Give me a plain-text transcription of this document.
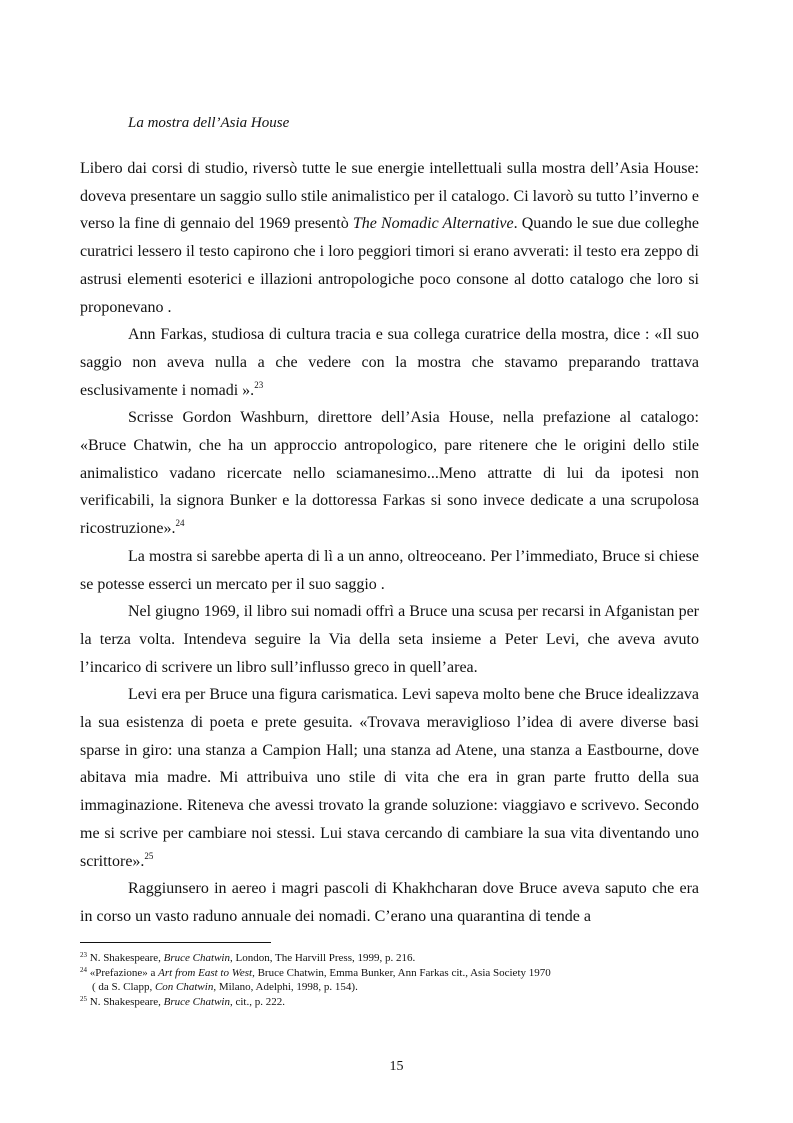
La mostra dell’Asia House

Libero dai corsi di studio, riversò tutte le sue energie intellettuali sulla mostra dell’Asia House: doveva presentare un saggio sullo stile animalistico per il catalogo. Ci lavorò su tutto l’inverno e verso la fine di gennaio del 1969 presentò The Nomadic Alternative. Quando le sue due colleghe curatrici lessero il testo capirono che i loro peggiori timori si erano avverati: il testo era zeppo di astrusi elementi esoterici e illazioni antropologiche poco consone al dotto catalogo che loro si proponevano .

Ann Farkas, studiosa di cultura tracia e sua collega curatrice della mostra, dice : «Il suo saggio non aveva nulla a che vedere con la mostra che stavamo preparando trattava esclusivamente i nomadi ».$^{23}$

Scrisse Gordon Washburn, direttore dell’Asia House, nella prefazione al catalogo: «Bruce Chatwin, che ha un approccio antropologico, pare ritenere che le origini dello stile animalistico vadano ricercate nello sciamanesimo...Meno attratte di lui da ipotesi non verificabili, la signora Bunker e la dottoressa Farkas si sono invece dedicate a una scrupolosa ricostruzione».$^{24}$

La mostra si sarebbe aperta di lì a un anno, oltreoceano. Per l’immediato, Bruce si chiese se potesse esserci un mercato per il suo saggio .

Nel giugno 1969, il libro sui nomadi offrì a Bruce una scusa per recarsi in Afganistan per la terza volta. Intendeva seguire la Via della seta insieme a Peter Levi, che aveva avuto l’incarico di scrivere un libro sull’influsso greco in quell’area.

Levi era per Bruce una figura carismatica. Levi sapeva molto bene che Bruce idealizzava la sua esistenza di poeta e prete gesuita. «Trovava meraviglioso l’idea di avere diverse basi sparse in giro: una stanza a Campion Hall; una stanza ad Atene, una stanza a Eastbourne, dove abitava mia madre. Mi attribuiva uno stile di vita che era in gran parte frutto della sua immaginazione. Riteneva che avessi trovato la grande soluzione: viaggiavo e scrivevo. Secondo me si scrive per cambiare noi stessi. Lui stava cercando di cambiare la sua vita diventando uno scrittore».$^{25}$

Raggiunsero in aereo i magri pascoli di Khakhcharan dove Bruce aveva saputo che era in corso un vasto raduno annuale dei nomadi. C’erano una quarantina di tende a

$^{23}$ N. Shakespeare, Bruce Chatwin, London, The Harvill Press, 1999, p. 216.

$^{24}$ «Prefazione» a Art from East to West, Bruce Chatwin, Emma Bunker, Ann Farkas cit., Asia Society 1970

( da S. Clapp, Con Chatwin, Milano, Adelphi, 1998, p. 154).

$^{25}$ N. Shakespeare, Bruce Chatwin, cit., p. 222.

15
